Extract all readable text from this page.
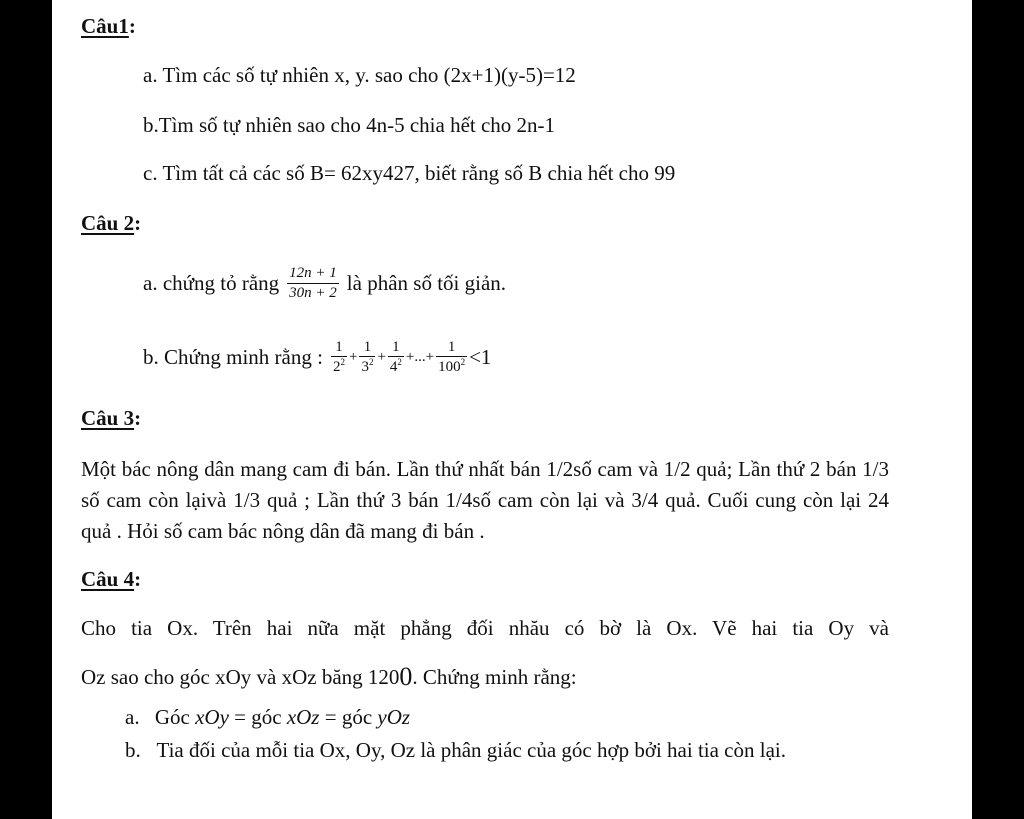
Câu1:
a. Tìm các số tự nhiên x, y. sao cho (2x+1)(y-5)=12
b.Tìm số tự nhiên sao cho 4n-5 chia hết cho 2n-1
c. Tìm tất cả các số B= 62xy427, biết rằng số B chia hết cho 99
Câu 2:
a. chứng tỏ rằng $\frac{12n + 1}{30n + 2}$ là phân số tối giản.
b. Chứng minh rằng : $\frac{1}{2^2} + \frac{1}{3^2} + \frac{1}{4^2}$ +...+ $\frac{1}{100^2} <1$
Câu 3:
Một bác nông dân mang cam đi bán. Lần thứ nhất bán 1/2số cam và 1/2 quả; Lần thứ 2 bán 1/3 số cam còn lạivà 1/3 quả ; Lần thứ 3 bán 1/4số cam còn lại và 3/4 quả. Cuối cung còn lại 24 quả . Hỏi số cam bác nông dân đã mang đi bán .
Câu 4:
Cho tia Ox. Trên hai nữa mặt phẳng đối nhău có bờ là Ox. Vẽ hai tia Oy và
Oz sao cho góc xOy và xOz băng 120 0 . Chứng minh rằng:
a. Góc xOy = góc xOz = góc yOz
b. Tia đối của mỗi tia Ox, Oy, Oz là phân giác của góc hợp bởi hai tia còn lại.
